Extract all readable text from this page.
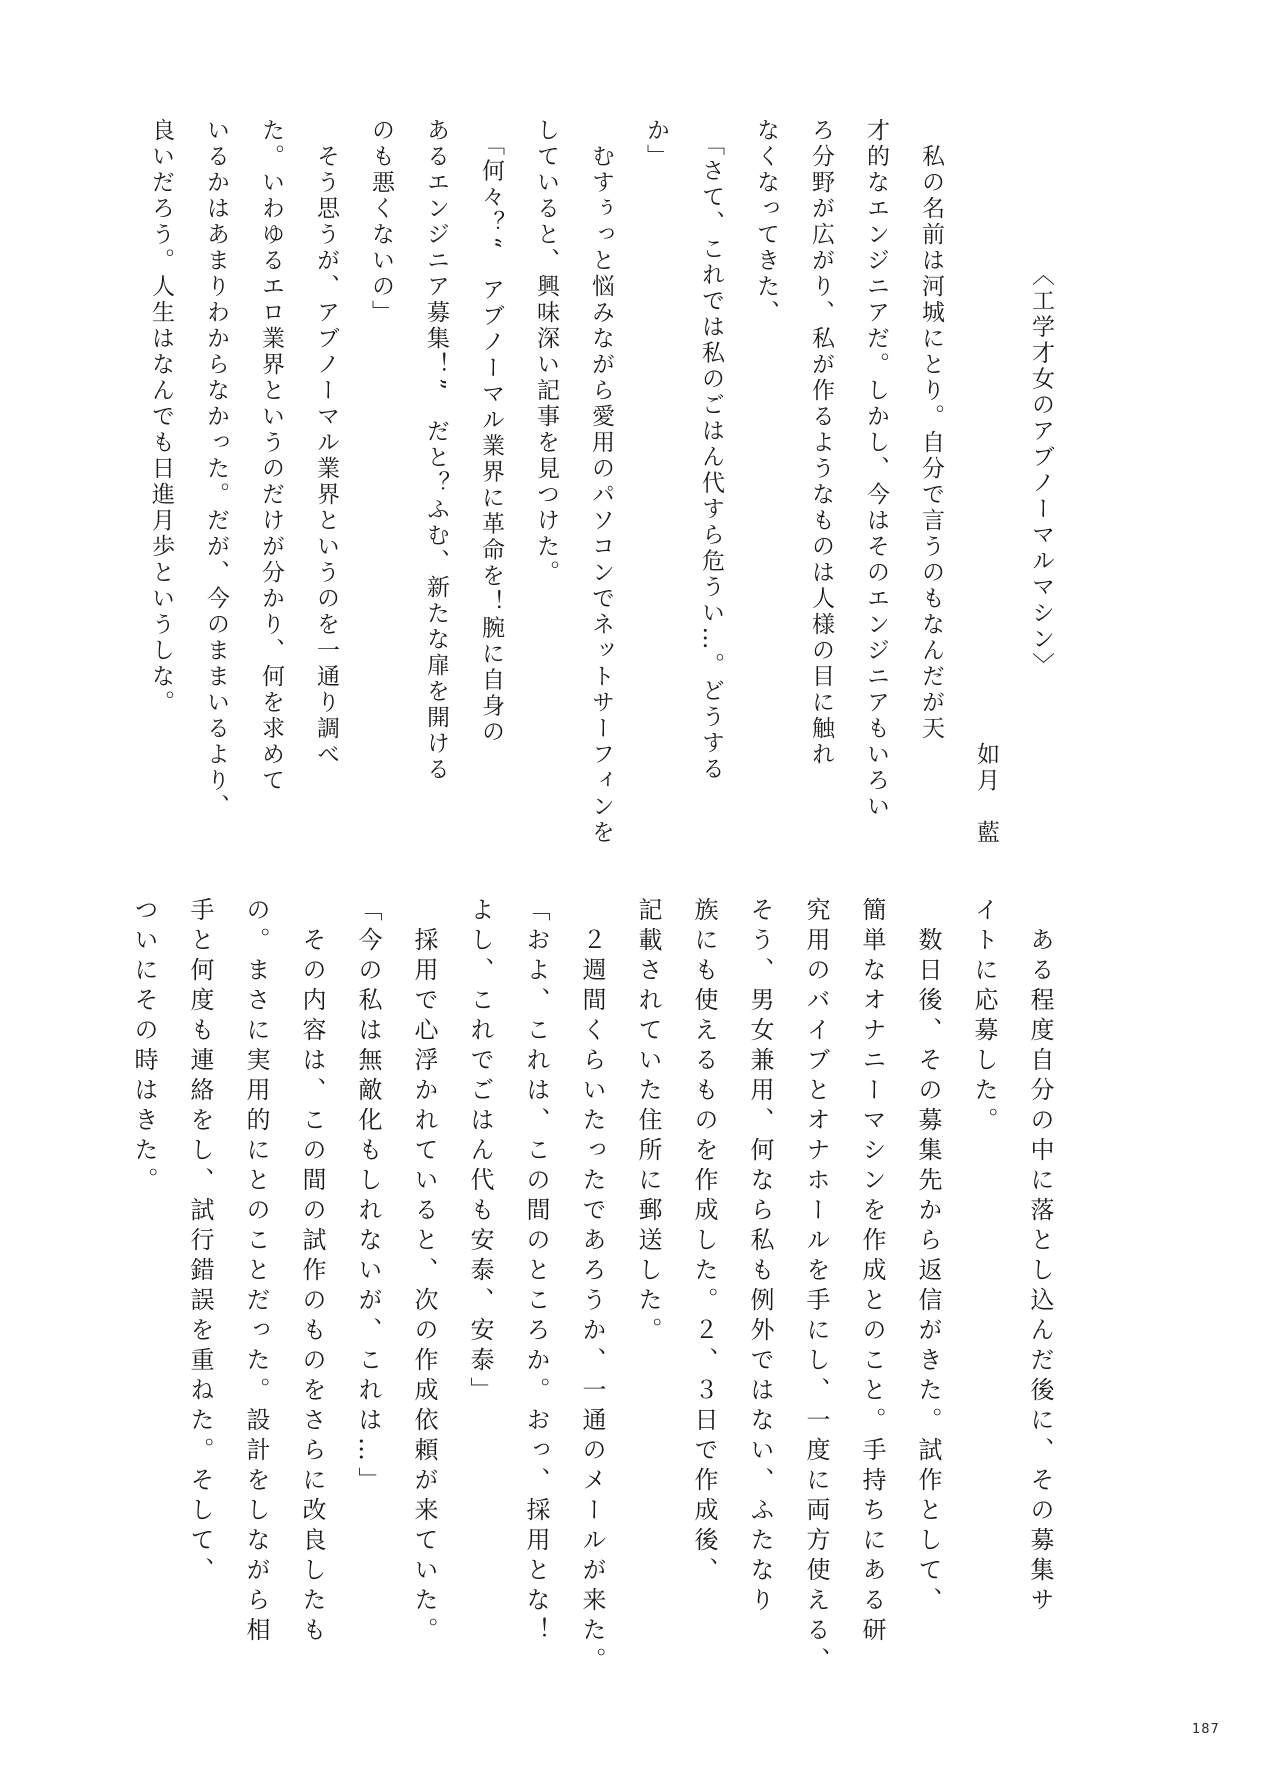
　　　　　　〈工学才女のアブノーマルマシン〉

　　　　　　　　　　　　　　　　　　　　　　　　如月　藍

　私の名前は河城にとり。自分で言うのもなんだが天

才的なエンジニアだ。しかし、今はそのエンジニアもいろい

ろ分野が広がり、私が作るようなものは人様の目に触れ

なくなってきた、

　「さて、これでは私のごはん代すら危うい…。どうする

か」

　むすぅっと悩みながら愛用のパソコンでネットサーフィンを

していると、興味深い記事を見つけた。

　「何々？“　アブノーマル業界に革命を！腕に自身の

あるエンジニア募集！”　だと？ふむ、新たな扉を開ける

のも悪くないの」

　そう思うが、アブノーマル業界というのを一通り調べ

た。いわゆるエロ業界というのだけが分かり、何を求めて

いるかはあまりわからなかった。だが、今のままいるより、

良いだろう。人生はなんでも日進月歩というしな。

　ある程度自分の中に落とし込んだ後に、その募集サ

イトに応募した。

　数日後、その募集先から返信がきた。試作として、

簡単なオナニーマシンを作成とのこと。手持ちにある研

究用のバイブとオナホールを手にし、一度に両方使える、

そう、男女兼用、何なら私も例外ではない、ふたなり

族にも使えるものを作成した。２、３日で作成後、

記載されていた住所に郵送した。

　２週間くらいたったであろうか、一通のメールが来た。

「およ、これは、この間のところか。おっ、採用とな！

よし、これでごはん代も安泰、安泰」

　採用で心浮かれていると、次の作成依頼が来ていた。

「今の私は無敵化もしれないが、これは…」

　その内容は、この間の試作のものをさらに改良したも

の。まさに実用的にとのことだった。設計をしながら相

手と何度も連絡をし、試行錯誤を重ねた。そして、

ついにその時はきた。

187
